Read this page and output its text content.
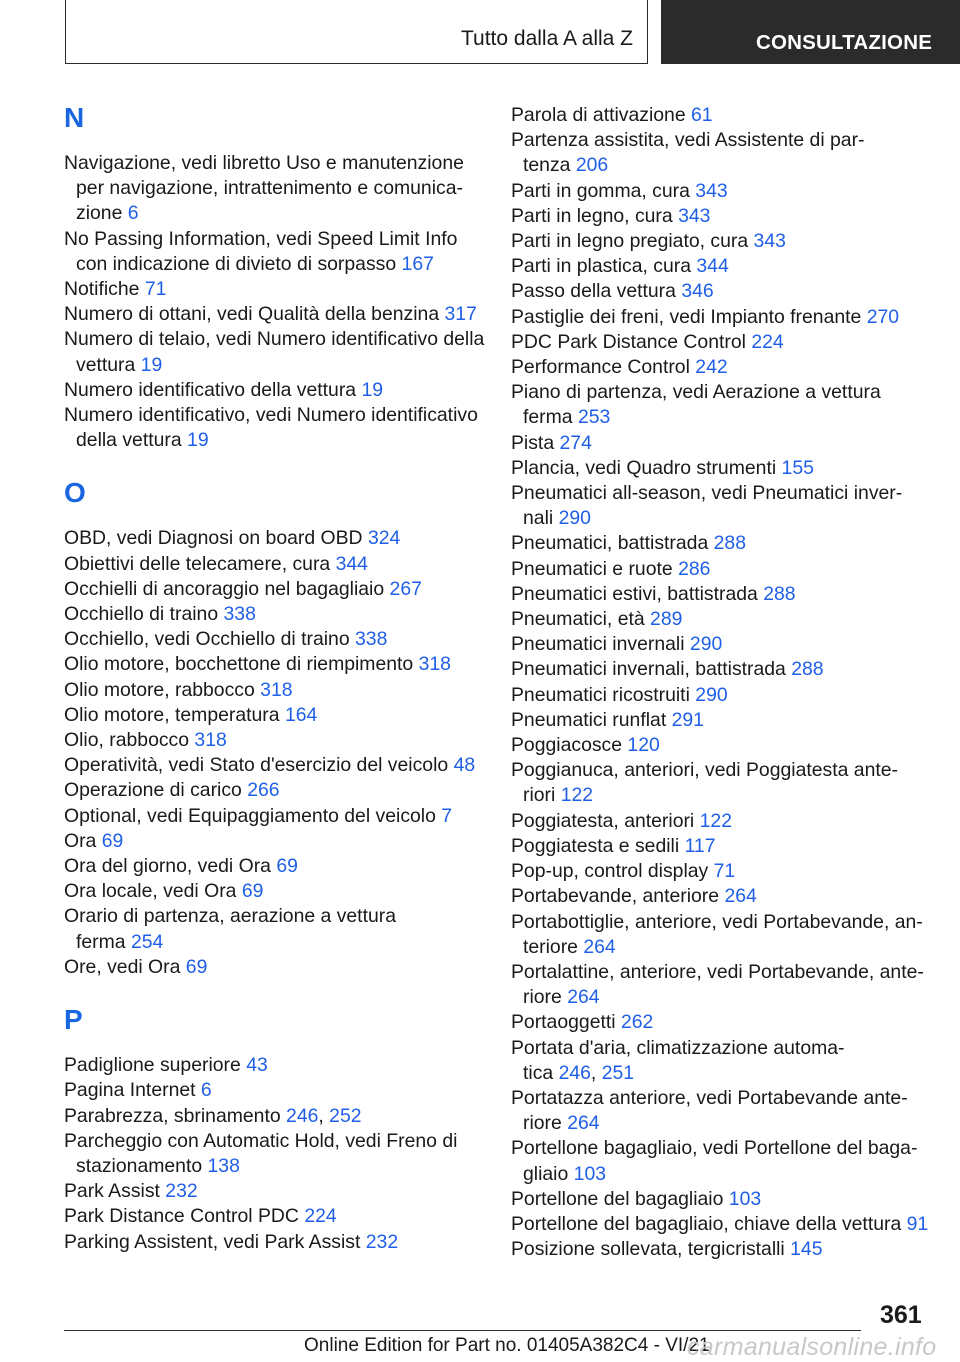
Tutto dalla A alla Z	CONSULTAZIONE
N
Navigazione, vedi libretto Uso e manutenzione
per navigazione, intrattenimento e comunica‐
zione 6
No Passing Information, vedi Speed Limit Info
con indicazione di divieto di sorpasso 167
Notifiche 71
Numero di ottani, vedi Qualità della benzina 317
Numero di telaio, vedi Numero identificativo della
vettura 19
Numero identificativo della vettura 19
Numero identificativo, vedi Numero identificativo
della vettura 19
O
OBD, vedi Diagnosi on board OBD 324
Obiettivi delle telecamere, cura 344
Occhielli di ancoraggio nel bagagliaio 267
Occhiello di traino 338
Occhiello, vedi Occhiello di traino 338
Olio motore, bocchettone di riempimento 318
Olio motore, rabbocco 318
Olio motore, temperatura 164
Olio, rabbocco 318
Operatività, vedi Stato d'esercizio del veicolo 48
Operazione di carico 266
Optional, vedi Equipaggiamento del veicolo 7
Ora 69
Ora del giorno, vedi Ora 69
Ora locale, vedi Ora 69
Orario di partenza, aerazione a vettura
ferma 254
Ore, vedi Ora 69
P
Padiglione superiore 43
Pagina Internet 6
Parabrezza, sbrinamento 246, 252
Parcheggio con Automatic Hold, vedi Freno di
stazionamento 138
Park Assist 232
Park Distance Control PDC 224
Parking Assistent, vedi Park Assist 232
Parola di attivazione 61
Partenza assistita, vedi Assistente di par‐
tenza 206
Parti in gomma, cura 343
Parti in legno, cura 343
Parti in legno pregiato, cura 343
Parti in plastica, cura 344
Passo della vettura 346
Pastiglie dei freni, vedi Impianto frenante 270
PDC Park Distance Control 224
Performance Control 242
Piano di partenza, vedi Aerazione a vettura
ferma 253
Pista 274
Plancia, vedi Quadro strumenti 155
Pneumatici all-season, vedi Pneumatici inver‐
nali 290
Pneumatici, battistrada 288
Pneumatici e ruote 286
Pneumatici estivi, battistrada 288
Pneumatici, età 289
Pneumatici invernali 290
Pneumatici invernali, battistrada 288
Pneumatici ricostruiti 290
Pneumatici runflat 291
Poggiacosce 120
Poggianuca, anteriori, vedi Poggiatesta ante‐
riori 122
Poggiatesta, anteriori 122
Poggiatesta e sedili 117
Pop-up, control display 71
Portabevande, anteriore 264
Portabottiglie, anteriore, vedi Portabevande, an‐
teriore 264
Portalattine, anteriore, vedi Portabevande, ante‐
riore 264
Portaoggetti 262
Portata d'aria, climatizzazione automa‐
tica 246, 251
Portatazza anteriore, vedi Portabevande ante‐
riore 264
Portellone bagagliaio, vedi Portellone del baga‐
gliaio 103
Portellone del bagagliaio 103
Portellone del bagagliaio, chiave della vettura 91
Posizione sollevata, tergicristalli 145
361
Online Edition for Part no. 01405A382C4 - VI/21
carmanualsonline.info
